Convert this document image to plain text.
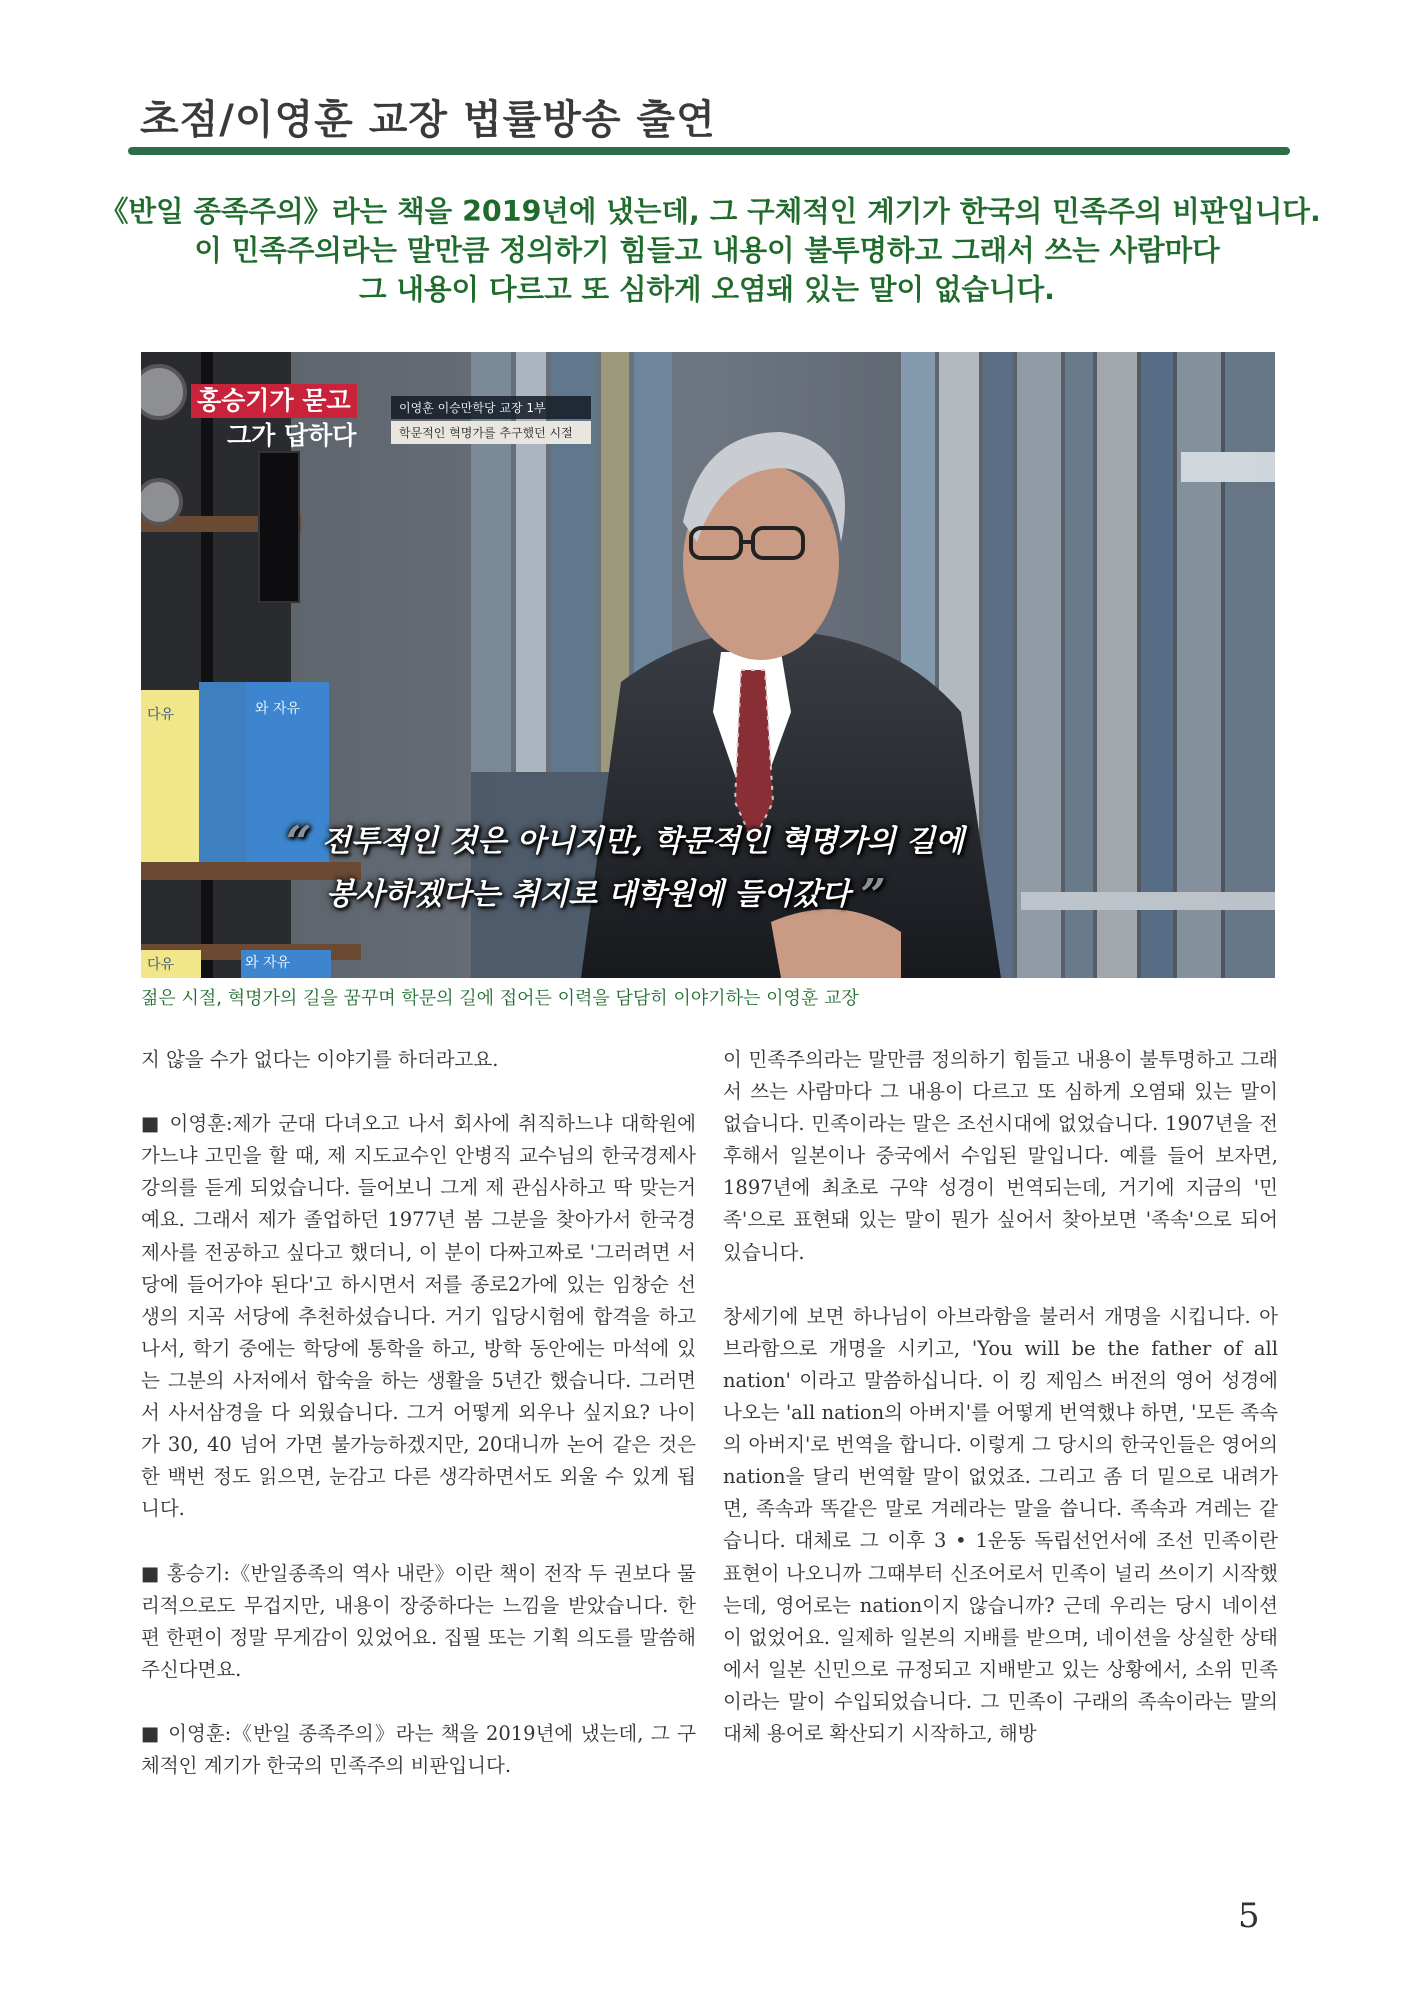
초점/이영훈 교장 법률방송 출연
《반일 종족주의》라는 책을 2019년에 냈는데, 그 구체적인 계기가 한국의 민족주의 비판입니다.
이 민족주의라는 말만큼 정의하기 힘들고 내용이 불투명하고 그래서 쓰는 사람마다
그 내용이 다르고 또 심하게 오염돼 있는 말이 없습니다.
홍승기가 묻고
그가 답하다
이영훈 이승만학당 교장 1부
학문적인 혁명가를 추구했던 시절
다유	와 자유
다유	와 자유
“ 전투적인 것은 아니지만, 학문적인 혁명가의 길에
봉사하겠다는 취지로 대학원에 들어갔다 ”

젊은 시절, 혁명가의 길을 꿈꾸며 학문의 길에 접어든 이력을 담담히 이야기하는 이영훈 교장

지 않을 수가 없다는 이야기를 하더라고요.

■ 이영훈:제가 군대 다녀오고 나서 회사에 취직하느냐 대학원에 가느냐 고민을 할 때, 제 지도교수인 안병직 교수님의 한국경제사 강의를 듣게 되었습니다. 들어보니 그게 제 관심사하고 딱 맞는거예요. 그래서 제가 졸업하던 1977년 봄 그분을 찾아가서 한국경제사를 전공하고 싶다고 했더니, 이 분이 다짜고짜로 '그러려면 서당에 들어가야 된다'고 하시면서 저를 종로2가에 있는 임창순 선생의 지곡 서당에 추천하셨습니다. 거기 입당시험에 합격을 하고나서, 학기 중에는 학당에 통학을 하고, 방학 동안에는 마석에 있는 그분의 사저에서 합숙을 하는 생활을 5년간 했습니다. 그러면서 사서삼경을 다 외웠습니다. 그거 어떻게 외우나 싶지요? 나이가 30, 40 넘어 가면 불가능하겠지만, 20대니까 논어 같은 것은 한 백번 정도 읽으면, 눈감고 다른 생각하면서도 외울 수 있게 됩니다.

■ 홍승기:《반일종족의 역사 내란》이란 책이 전작 두 권보다 물리적으로도 무겁지만, 내용이 장중하다는 느낌을 받았습니다. 한편 한편이 정말 무게감이 있었어요. 집필 또는 기획 의도를 말씀해주신다면요.

■ 이영훈:《반일 종족주의》라는 책을 2019년에 냈는데, 그 구체적인 계기가 한국의 민족주의 비판입니다.

이 민족주의라는 말만큼 정의하기 힘들고 내용이 불투명하고 그래서 쓰는 사람마다 그 내용이 다르고 또 심하게 오염돼 있는 말이 없습니다. 민족이라는 말은 조선시대에 없었습니다. 1907년을 전후해서 일본이나 중국에서 수입된 말입니다. 예를 들어 보자면, 1897년에 최초로 구약 성경이 번역되는데, 거기에 지금의 '민족'으로 표현돼 있는 말이 뭔가 싶어서 찾아보면 '족속'으로 되어 있습니다.

창세기에 보면 하나님이 아브라함을 불러서 개명을 시킵니다. 아브라함으로 개명을 시키고, 'You will be the father of all nation' 이라고 말씀하십니다. 이 킹 제임스 버전의 영어 성경에 나오는 'all nation의 아버지'를 어떻게 번역했냐 하면, '모든 족속의 아버지'로 번역을 합니다. 이렇게 그 당시의 한국인들은 영어의 nation을 달리 번역할 말이 없었죠. 그리고 좀 더 밑으로 내려가면, 족속과 똑같은 말로 겨레라는 말을 씁니다. 족속과 겨레는 같습니다. 대체로 그 이후 3 • 1운동 독립선언서에 조선 민족이란 표현이 나오니까 그때부터 신조어로서 민족이 널리 쓰이기 시작했는데, 영어로는 nation이지 않습니까? 근데 우리는 당시 네이션이 없었어요. 일제하 일본의 지배를 받으며, 네이션을 상실한 상태에서 일본 신민으로 규정되고 지배받고 있는 상황에서, 소위 민족이라는 말이 수입되었습니다. 그 민족이 구래의 족속이라는 말의 대체 용어로 확산되기 시작하고, 해방

5
